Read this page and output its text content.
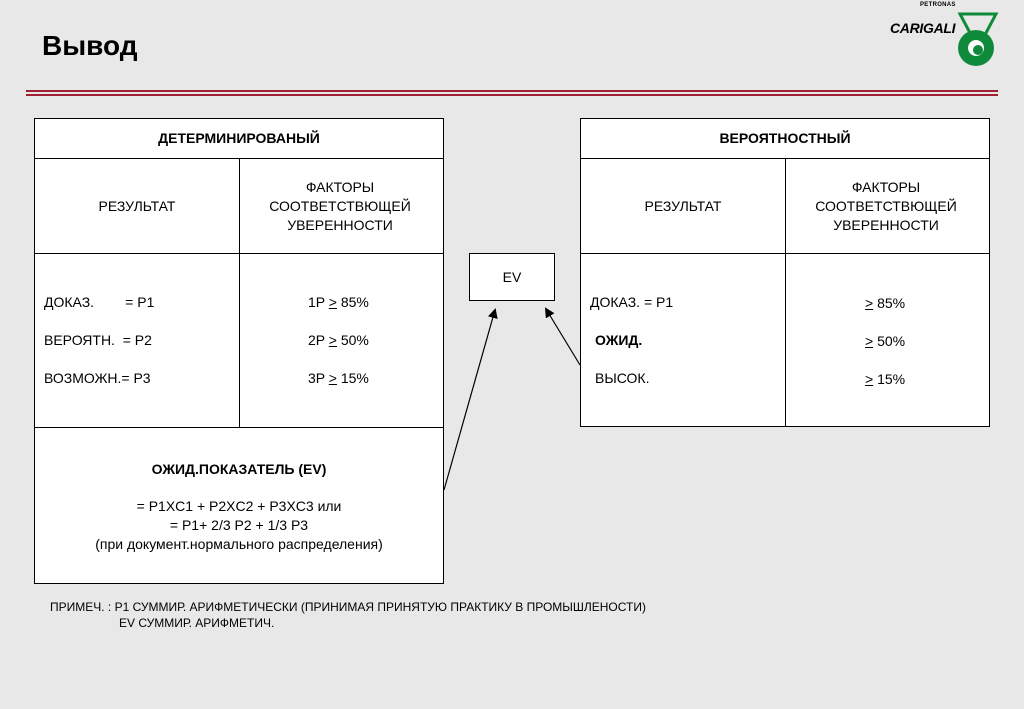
Вывод
CARIGALI
PETRONAS
ДЕТЕРМИНИРОВАНЫЙ
РЕЗУЛЬТАТ
ФАКТОРЫ СООТВЕТСТВЮЩЕЙ УВЕРЕННОСТИ
ДОКАЗ.        = P1
ВЕРОЯТН.  = P2
ВОЗМОЖН.= P3
1P > 85%
2P > 50%
3P > 15%
ОЖИД.ПОКАЗАТЕЛЬ (EV)
= P1XC1 + P2XC2 + P3XC3 или
= P1+ 2/3 P2 + 1/3 P3
(при документ.нормального распределения)
EV
ВЕРОЯТНОСТНЫЙ
РЕЗУЛЬТАТ
ФАКТОРЫ СООТВЕТСТВЮЩЕЙ УВЕРЕННОСТИ
ДОКАЗ. = P1
ОЖИД.
ВЫСОК.
> 85%
> 50%
> 15%
ПРИМЕЧ. : P1 СУММИР. АРИФМЕТИЧЕСКИ (ПРИНИМАЯ ПРИНЯТУЮ ПРАКТИКУ В ПРОМЫШЛЕНОСТИ)
EV СУММИР. АРИФМЕТИЧ.
